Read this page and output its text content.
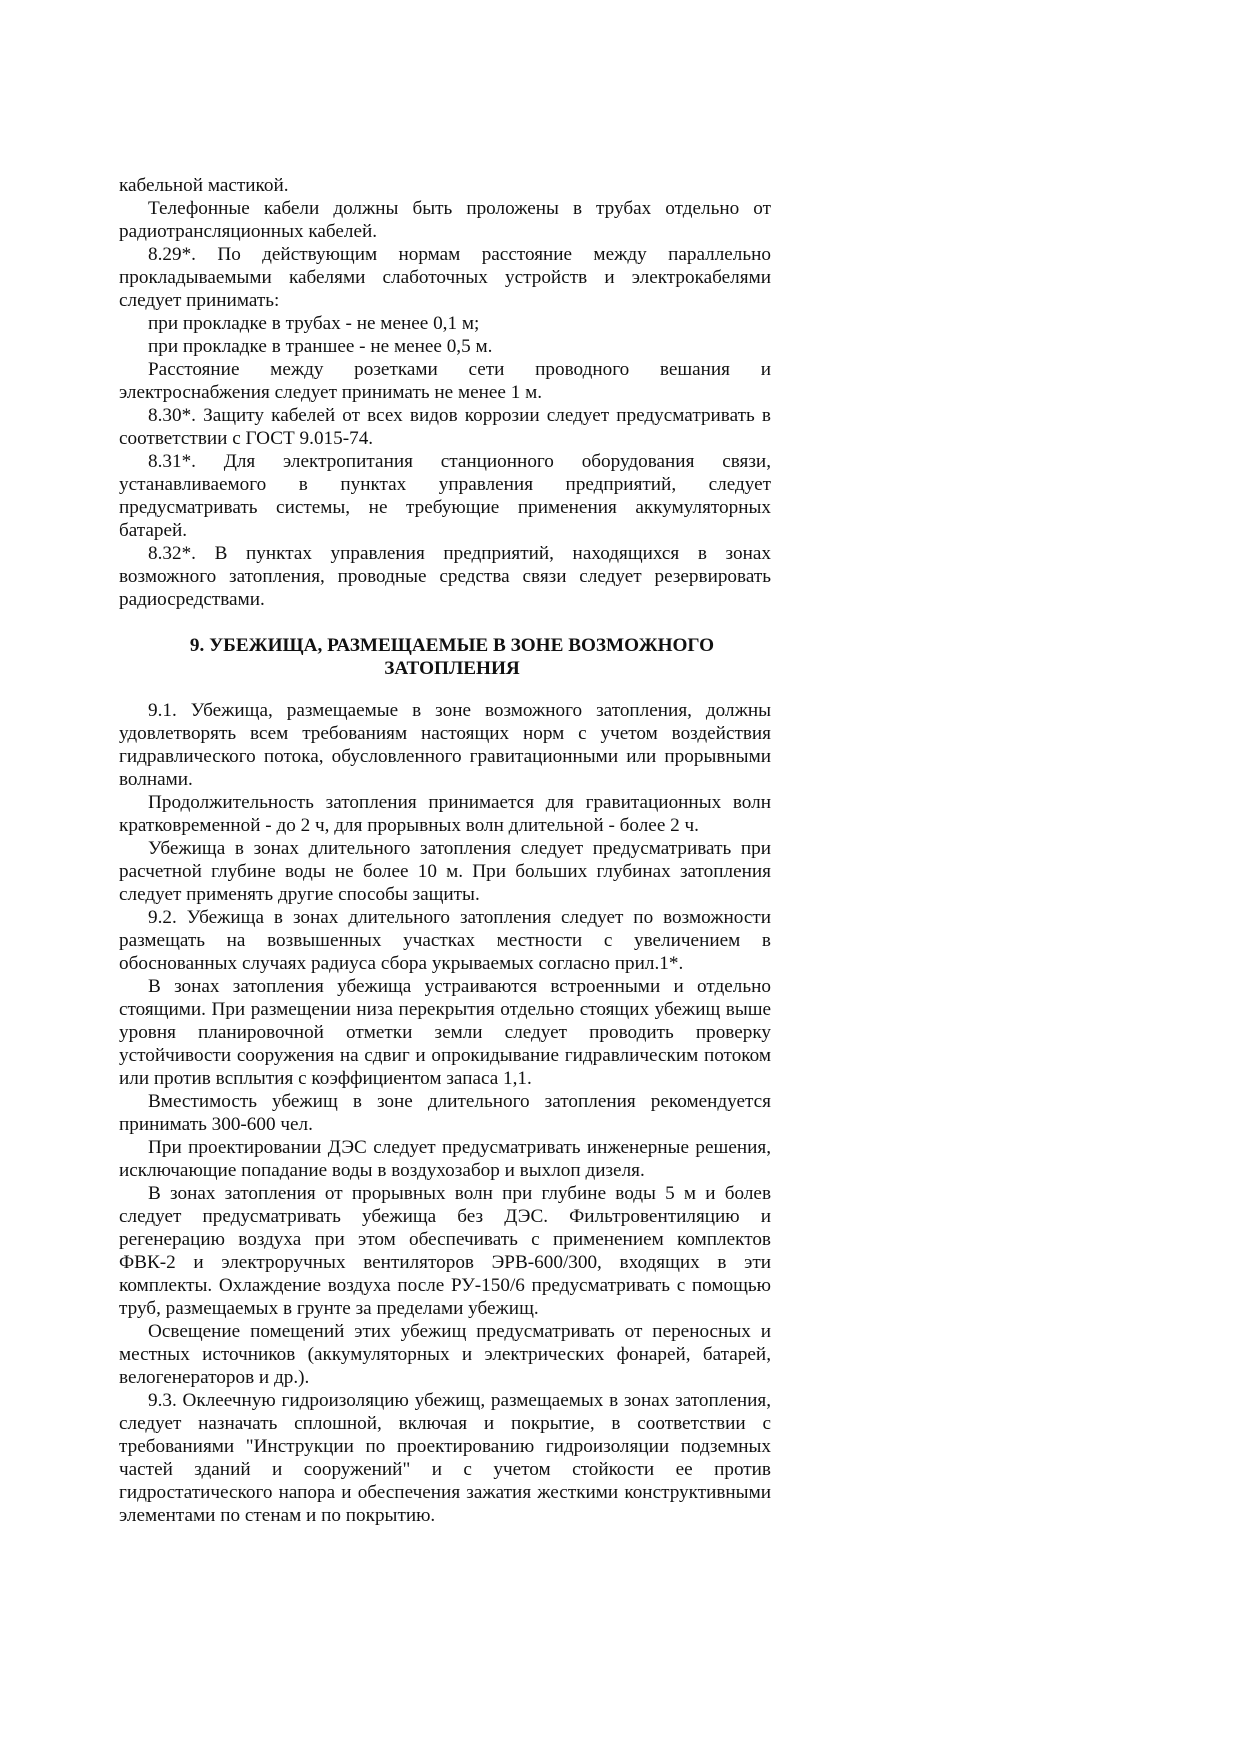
кабельной мастикой.

Телефонные кабели должны быть проложены в трубах отдельно от радиотрансляционных кабелей.

8.29*. По действующим нормам расстояние между параллельно прокладываемыми кабелями слаботочных устройств и электрокабелями следует принимать:

при прокладке в трубах - не менее 0,1 м;

при прокладке в траншее - не менее 0,5 м.

Расстояние между розетками сети проводного вешания и электроснабжения следует принимать не менее 1 м.

8.30*. Защиту кабелей от всех видов коррозии следует предусматривать в соответствии с ГОСТ 9.015-74.

8.31*. Для электропитания станционного оборудования связи, устанавливаемого в пунктах управления предприятий, следует предусматривать системы, не требующие применения аккумуляторных батарей.

8.32*. В пунктах управления предприятий, находящихся в зонах возможного затопления, проводные средства связи следует резервировать радиосредствами.

9. УБЕЖИЩА, РАЗМЕЩАЕМЫЕ В ЗОНЕ ВОЗМОЖНОГО
ЗАТОПЛЕНИЯ

9.1. Убежища, размещаемые в зоне возможного затопления, должны удовлетворять всем требованиям настоящих норм с учетом воздействия гидравлического потока, обусловленного гравитационными или прорывными волнами.

Продолжительность затопления принимается для гравитационных волн кратковременной - до 2 ч, для прорывных волн длительной - более 2 ч.

Убежища в зонах длительного затопления следует предусматривать при расчетной глубине воды не более 10 м. При больших глубинах затопления следует применять другие способы защиты.

9.2. Убежища в зонах длительного затопления следует по возможности размещать на возвышенных участках местности с увеличением в обоснованных случаях радиуса сбора укрываемых согласно прил.1*.

В зонах затопления убежища устраиваются встроенными и отдельно стоящими. При размещении низа перекрытия отдельно стоящих убежищ выше уровня планировочной отметки земли следует проводить проверку устойчивости сооружения на сдвиг и опрокидывание гидравлическим потоком или против всплытия с коэффициентом запаса 1,1.

Вместимость убежищ в зоне длительного затопления рекомендуется принимать 300-600 чел.

При проектировании ДЭС следует предусматривать инженерные решения, исключающие попадание воды в воздухозабор и выхлоп дизеля.

В зонах затопления от прорывных волн при глубине воды 5 м и болев следует предусматривать убежища без ДЭС. Фильтровентиляцию и регенерацию воздуха при этом обеспечивать с применением комплектов ФВК-2 и электроручных вентиляторов ЭРВ-600/300, входящих в эти комплекты. Охлаждение воздуха после РУ-150/6 предусматривать с помощью труб, размещаемых в грунте за пределами убежищ.

Освещение помещений этих убежищ предусматривать от переносных и местных источников (аккумуляторных и электрических фонарей, батарей, велогенераторов и др.).

9.3. Оклеечную гидроизоляцию убежищ, размещаемых в зонах затопления, следует назначать сплошной, включая и покрытие, в соответствии с требованиями "Инструкции по проектированию гидроизоляции подземных частей зданий и сооружений" и с учетом стойкости ее против гидростатического напора и обеспечения зажатия жесткими конструктивными элементами по стенам и по покрытию.
